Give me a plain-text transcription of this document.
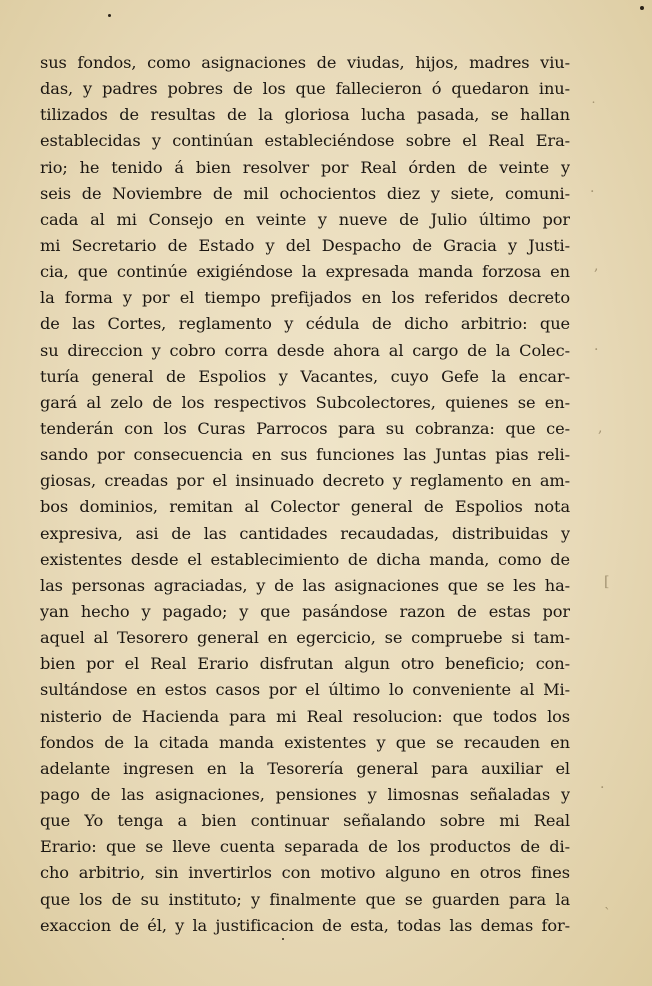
˙
.
,
.
,
[
.
`
sus fondos, como asignaciones de viudas, hijos, madres viu-
das, y padres pobres de los que fallecieron ó quedaron inu-
tilizados de resultas de la gloriosa lucha pasada, se hallan
establecidas y continúan estableciéndose sobre el Real Era-
rio; he tenido á bien resolver por Real órden de veinte y
seis de Noviembre de mil ochocientos diez y siete, comuni-
cada al mi Consejo en veinte y nueve de Julio último por
mi Secretario de Estado y del Despacho de Gracia y Justi-
cia, que continúe exigiéndose la expresada manda forzosa en
la forma y por el tiempo prefijados en los referidos decreto
de las Cortes, reglamento y cédula de dicho arbitrio: que
su direccion y cobro corra desde ahora al cargo de la Colec-
turía general de Espolios y Vacantes, cuyo Gefe la encar-
gará al zelo de los respectivos Subcolectores, quienes se en-
tenderán con los Curas Parrocos para su cobranza: que ce-
sando por consecuencia en sus funciones las Juntas pias reli-
giosas, creadas por el insinuado decreto y reglamento en am-
bos dominios, remitan al Colector general de Espolios nota
expresiva, asi de las cantidades recaudadas, distribuidas y
existentes desde el establecimiento de dicha manda, como de
las personas agraciadas, y de las asignaciones que se les ha-
yan hecho y pagado; y que pasándose razon de estas por
aquel al Tesorero general en egercicio, se compruebe si tam-
bien por el Real Erario disfrutan algun otro beneficio; con-
sultándose en estos casos por el último lo conveniente al Mi-
nisterio de Hacienda para mi Real resolucion: que todos los
fondos de la citada manda existentes y que se recauden en
adelante ingresen en la Tesorería general para auxiliar el
pago de las asignaciones, pensiones y limosnas señaladas y
que Yo tenga a bien continuar señalando sobre mi Real
Erario: que se lleve cuenta separada de los productos de di-
cho arbitrio, sin invertirlos con motivo alguno en otros fines
que los de su instituto; y finalmente que se guarden para la
exaccion de él, y la justificacion de esta, todas las demas for-
